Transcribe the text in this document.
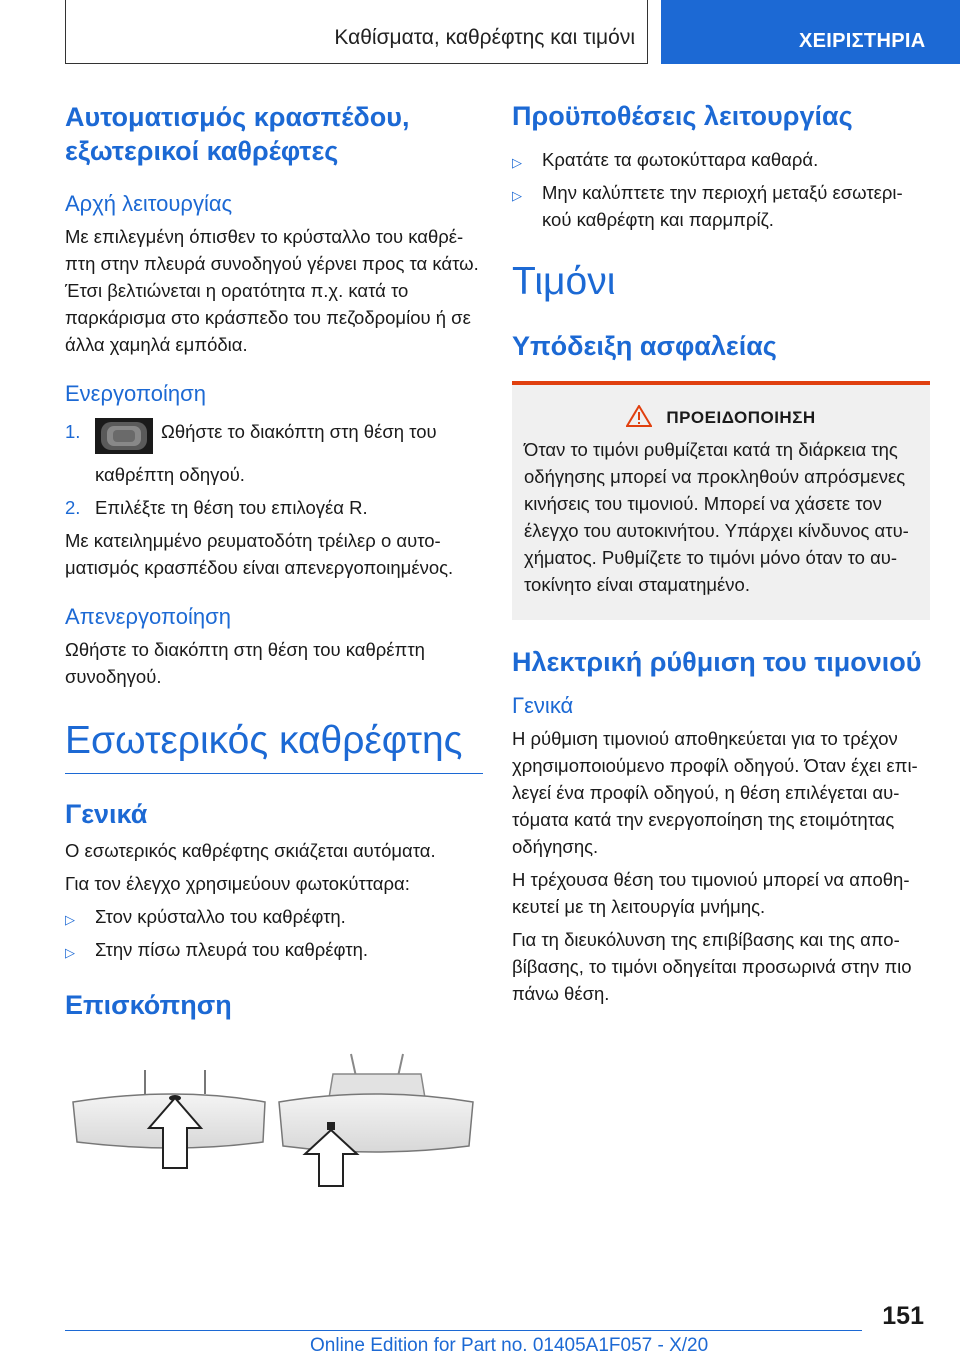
Καθίσματα, καθρέφτης και τιμόνι	ΧΕΙΡΙΣΤΗΡΙΑ
Αυτοματισμός κρασπέδου, εξωτερικοί καθρέφτες
Αρχή λειτουργίας

Με επιλεγμένη όπισθεν το κρύσταλλο του καθρέ‐πτη στην πλευρά συνοδηγού γέρνει προς τα κάτω. Έτσι βελτιώνεται η ορατότητα π.χ. κατά το παρκάρισμα στο κράσπεδο του πεζοδρομίου ή σε άλλα χαμηλά εμπόδια.

Ενεργοποίηση
1.	Ωθήστε το διακόπτη στη θέση του καθρέπτη οδηγού.
2. Επιλέξτε τη θέση του επιλογέα R.

Με κατειλημμένο ρευματοδότη τρέιλερ ο αυτο‐ματισμός κρασπέδου είναι απενεργοποιημένος.

Απενεργοποίηση

Ωθήστε το διακόπτη στη θέση του καθρέπτη συνοδηγού.

Εσωτερικός καθρέφτης
Γενικά

Ο εσωτερικός καθρέφτης σκιάζεται αυτόματα.

Για τον έλεγχο χρησιμεύουν φωτοκύτταρα:

▷ Στον κρύσταλλο του καθρέφτη.
▷ Στην πίσω πλευρά του καθρέφτη.
Επισκόπηση
Προϋποθέσεις λειτουργίας
▷ Κρατάτε τα φωτοκύτταρα καθαρά.
▷ Μην καλύπτετε την περιοχή μεταξύ εσωτερι‐κού καθρέφτη και παρμπρίζ.
Τιμόνι
Υπόδειξη ασφαλείας
ΠΡΟΕΙΔΟΠΟΙΗΣΗ

Όταν το τιμόνι ρυθμίζεται κατά τη διάρκεια της οδήγησης μπορεί να προκληθούν απρόσμενες κινήσεις του τιμονιού. Μπορεί να χάσετε τον έλεγχο του αυτοκινήτου. Υπάρχει κίνδυνος ατυ‐χήματος. Ρυθμίζετε το τιμόνι μόνο όταν το αυ‐τοκίνητο είναι σταματημένο.

Ηλεκτρική ρύθμιση του τιμονιού
Γενικά

Η ρύθμιση τιμονιού αποθηκεύεται για το τρέχον χρησιμοποιούμενο προφίλ οδηγού. Όταν έχει επι‐λεγεί ένα προφίλ οδηγού, η θέση επιλέγεται αυ‐τόματα κατά την ενεργοποίηση της ετοιμότητας οδήγησης.

Η τρέχουσα θέση του τιμονιού μπορεί να αποθη‐κευτεί με τη λειτουργία μνήμης.

Για τη διευκόλυνση της επιβίβασης και της απο‐βίβασης, το τιμόνι οδηγείται προσωρινά στην πιο πάνω θέση.

151
Online Edition for Part no. 01405A1F057 - X/20
